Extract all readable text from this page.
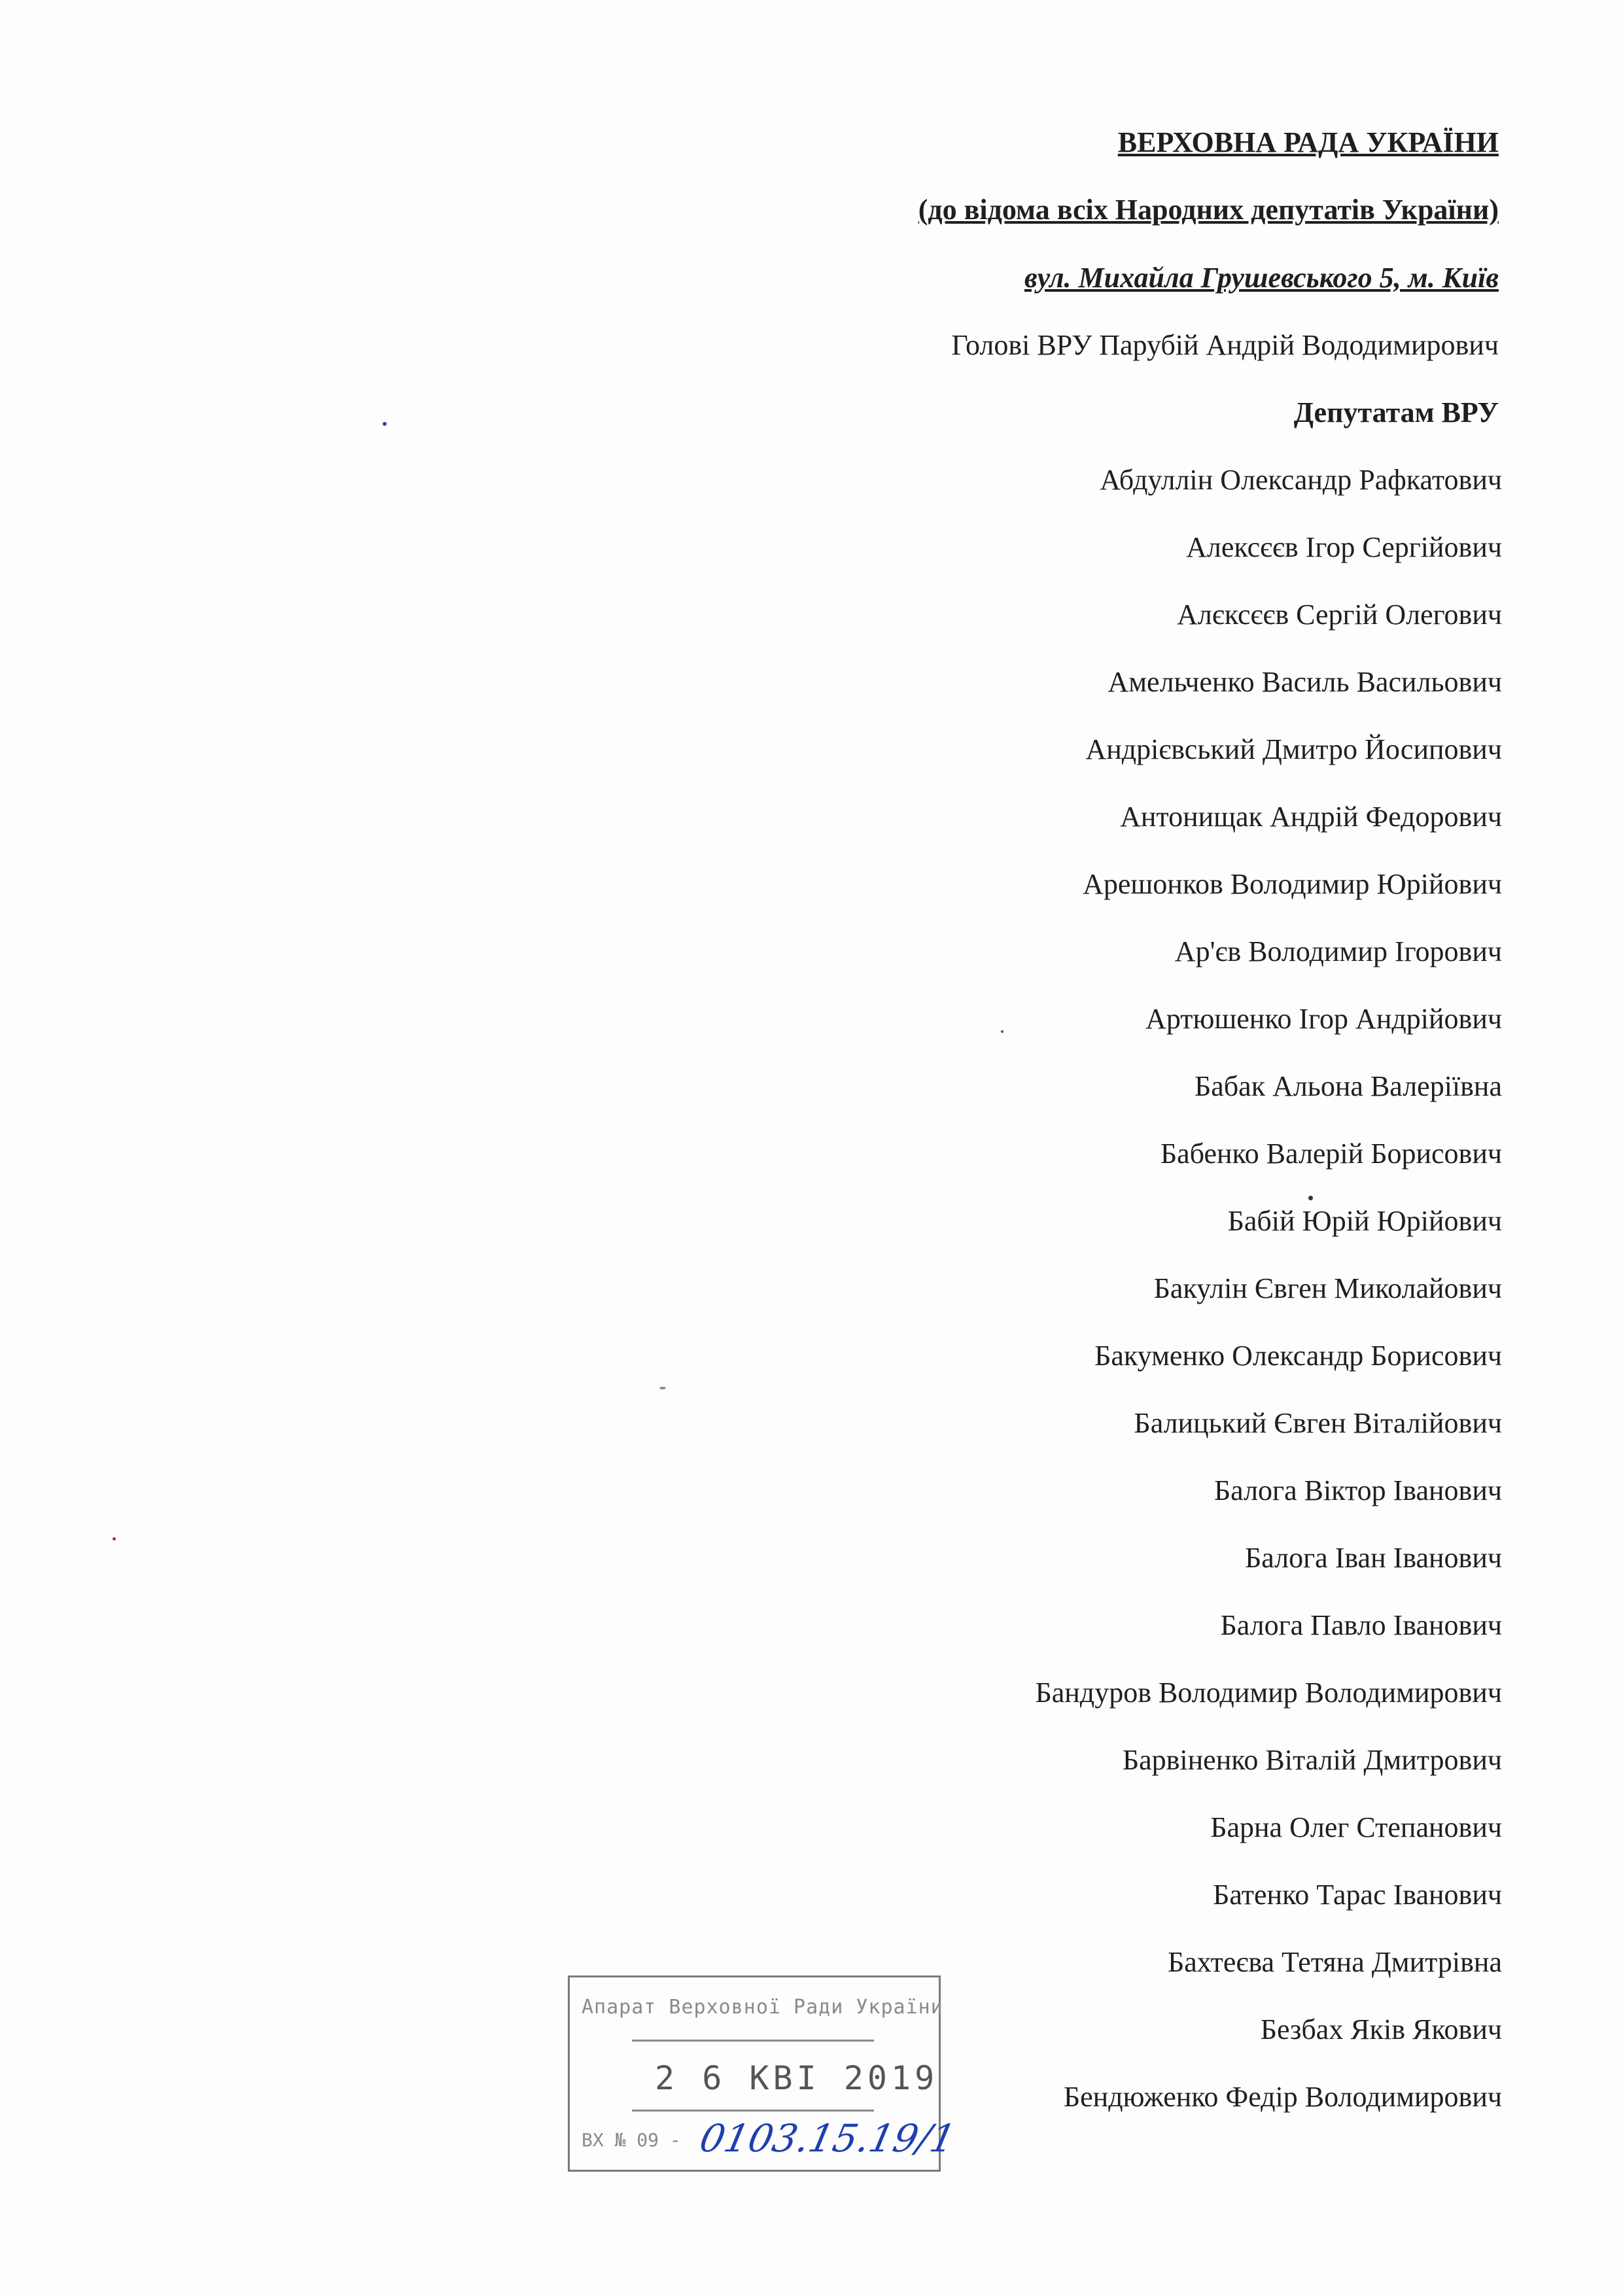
ВЕРХОВНА РАДА УКРАЇНИ
(до відома всіх Народних депутатів України)
вул. Михайла Грушевського 5, м. Київ
Голові ВРУ Парубій Андрій Вододимирович
Депутатам ВРУ
Абдуллін Олександр Рафкатович
Алексєєв Ігор Сергійович
Алєксєєв Сергій Олегович
Амельченко Василь Васильович
Андрієвський Дмитро Йосипович
Антонищак Андрій Федорович
Арешонков Володимир Юрійович
Ар'єв Володимир Ігорович
Артюшенко Ігор Андрійович
Бабак Альона Валеріївна
Бабенко Валерій Борисович
Бабій Юрій Юрійович
Бакулін Євген Миколайович
Бакуменко Олександр Борисович
Балицький Євген Віталійович
Балога Віктор Іванович
Балога Іван Іванович
Балога Павло Іванович
Бандуров Володимир Володимирович
Барвіненко Віталій Дмитрович
Барна Олег Степанович
Батенко Тарас Іванович
Бахтеєва Тетяна Дмитрівна
Безбах Яків Якович
Бендюженко Федір Володимирович
Апарат Верховної Ради України
2 6 КВІ 2019
ВХ № 09 - 0103.15.19/1
